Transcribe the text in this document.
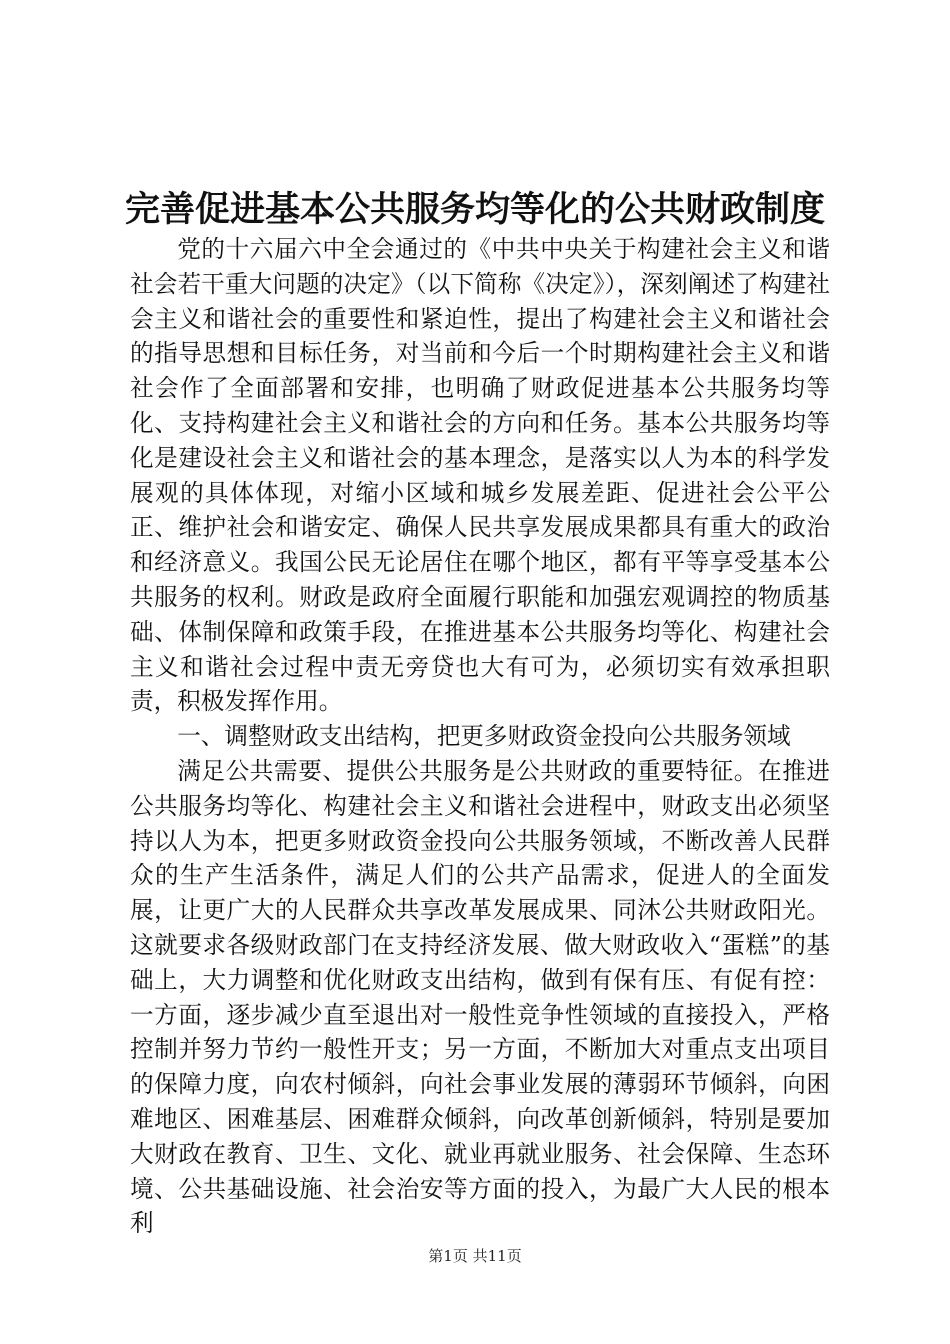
完善促进基本公共服务均等化的公共财政制度

党的十六届六中全会通过的《中共中央关于构建社会主义和谐社会若干重大问题的决定》（以下简称《决定》），深刻阐述了构建社会主义和谐社会的重要性和紧迫性，提出了构建社会主义和谐社会的指导思想和目标任务，对当前和今后一个时期构建社会主义和谐社会作了全面部署和安排，也明确了财政促进基本公共服务均等化、支持构建社会主义和谐社会的方向和任务。基本公共服务均等化是建设社会主义和谐社会的基本理念，是落实以人为本的科学发展观的具体体现，对缩小区域和城乡发展差距、促进社会公平公正、维护社会和谐安定、确保人民共享发展成果都具有重大的政治和经济意义。我国公民无论居住在哪个地区，都有平等享受基本公共服务的权利。财政是政府全面履行职能和加强宏观调控的物质基础、体制保障和政策手段，在推进基本公共服务均等化、构建社会主义和谐社会过程中责无旁贷也大有可为，必须切实有效承担职责，积极发挥作用。

一、调整财政支出结构，把更多财政资金投向公共服务领域

满足公共需要、提供公共服务是公共财政的重要特征。在推进公共服务均等化、构建社会主义和谐社会进程中，财政支出必须坚持以人为本，把更多财政资金投向公共服务领域，不断改善人民群众的生产生活条件，满足人们的公共产品需求，促进人的全面发展，让更广大的人民群众共享改革发展成果、同沐公共财政阳光。这就要求各级财政部门在支持经济发展、做大财政收入“蛋糕”的基础上，大力调整和优化财政支出结构，做到有保有压、有促有控：一方面，逐步减少直至退出对一般性竞争性领域的直接投入，严格控制并努力节约一般性开支；另一方面，不断加大对重点支出项目的保障力度，向农村倾斜，向社会事业发展的薄弱环节倾斜，向困难地区、困难基层、困难群众倾斜，向改革创新倾斜，特别是要加大财政在教育、卫生、文化、就业再就业服务、社会保障、生态环境、公共基础设施、社会治安等方面的投入，为最广大人民的根本利

第1页 共11页
